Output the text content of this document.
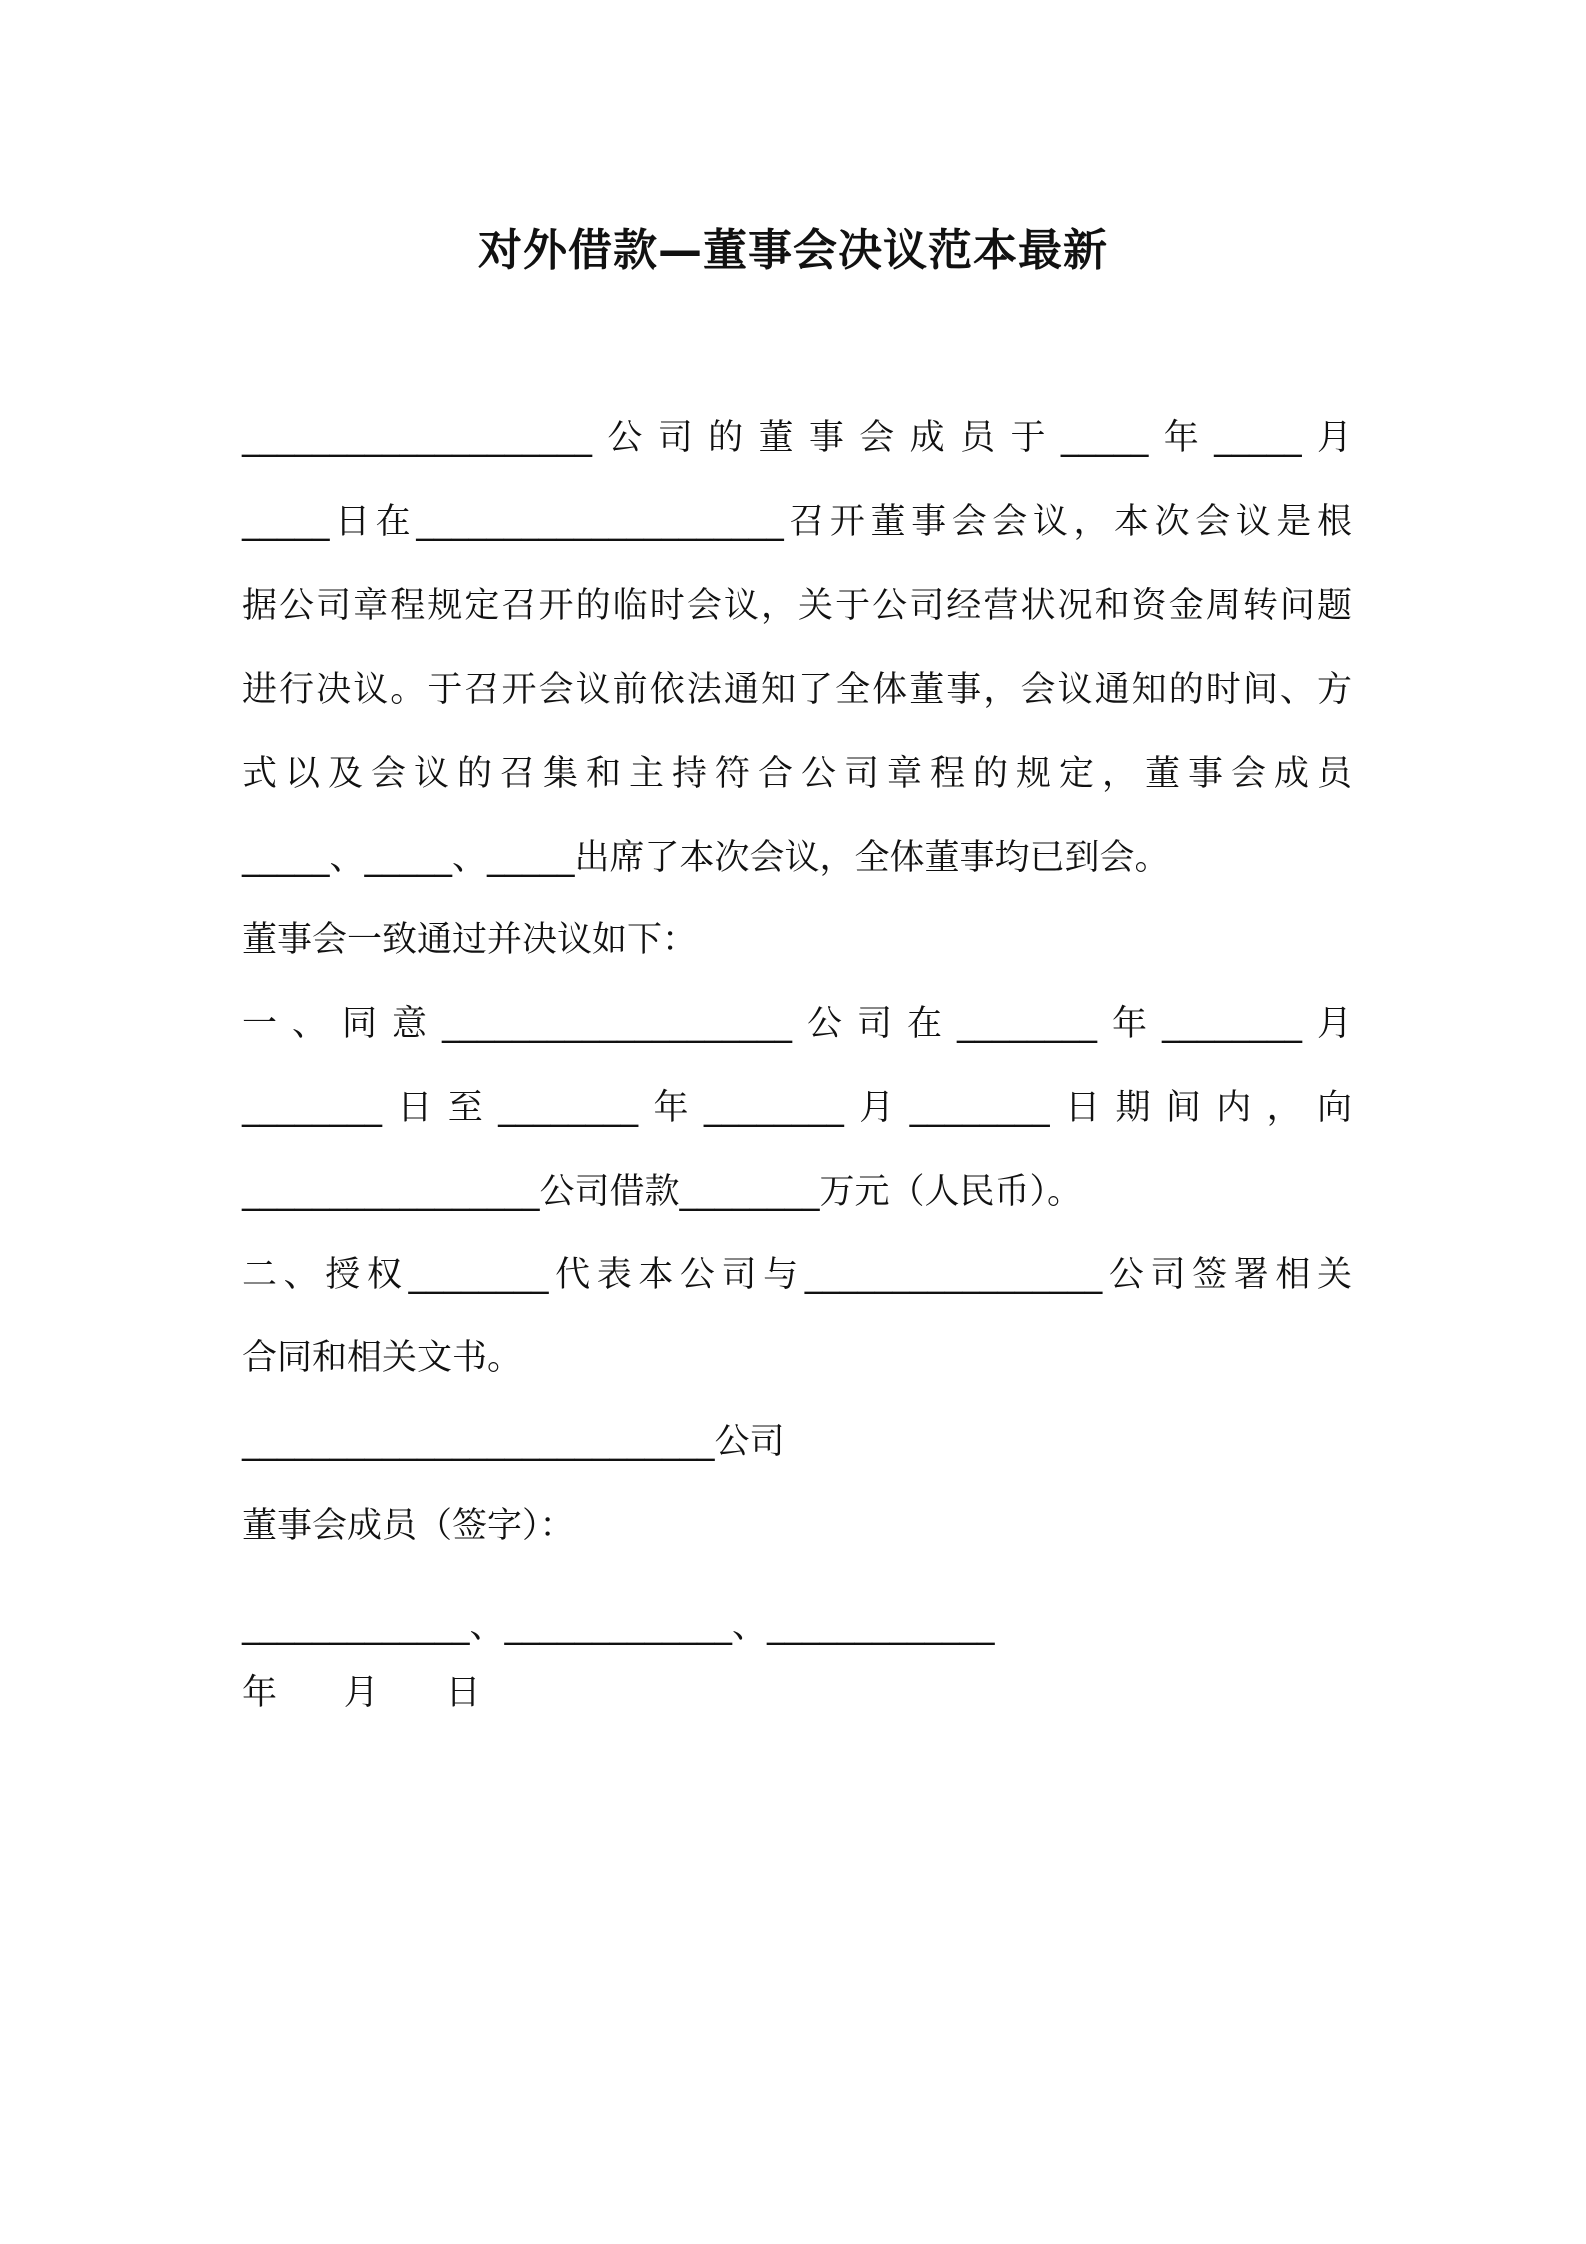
对外借款—董事会决议范本最新
____________________公司的董事会成员于_____年_____月
_____日在_____________________召开董事会会议，本次会议是根
据公司章程规定召开的临时会议，关于公司经营状况和资金周转问题
进行决议。于召开会议前依法通知了全体董事，会议通知的时间、方
式以及会议的召集和主持符合公司章程的规定，董事会成员
_____、_____、_____出席了本次会议，全体董事均已到会。
董事会一致通过并决议如下：
一、同意____________________公司在________年________月
________日至________年________月________日期间内，向
_________________公司借款________万元（人民币）。
二、授权________代表本公司与_________________公司签署相关
合同和相关文书。
___________________________公司
董事会成员（签字）：
_____________、_____________、_____________
年      月      日
